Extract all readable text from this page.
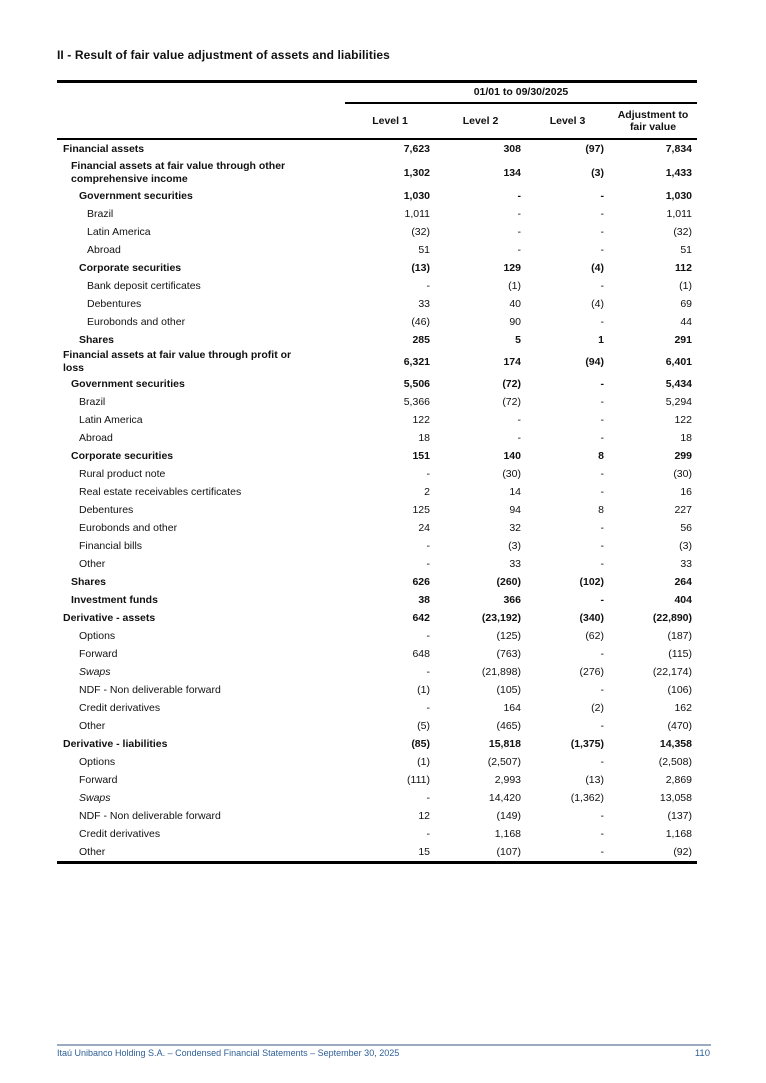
II - Result of fair value adjustment of assets and liabilities
01/01 to 09/30/2025
Level 1	Level 2	Level 3	Adjustment to fair value
Financial assets	7,623	308	(97)	7,834
Financial assets at fair value through other comprehensive income	1,302	134	(3)	1,433
Government securities	1,030	-	-	1,030
Brazil	1,011	-	-	1,011
Latin America	(32)	-	-	(32)
Abroad	51	-	-	51
Corporate securities	(13)	129	(4)	112
Bank deposit certificates	-	(1)	-	(1)
Debentures	33	40	(4)	69
Eurobonds and other	(46)	90	-	44
Shares	285	5	1	291
Financial assets at fair value through profit or loss	6,321	174	(94)	6,401
Government securities	5,506	(72)	-	5,434
Brazil	5,366	(72)	-	5,294
Latin America	122	-	-	122
Abroad	18	-	-	18
Corporate securities	151	140	8	299
Rural product note	-	(30)	-	(30)
Real estate receivables certificates	2	14	-	16
Debentures	125	94	8	227
Eurobonds and other	24	32	-	56
Financial bills	-	(3)	-	(3)
Other	-	33	-	33
Shares	626	(260)	(102)	264
Investment funds	38	366	-	404
Derivative - assets	642	(23,192)	(340)	(22,890)
Options	-	(125)	(62)	(187)
Forward	648	(763)	-	(115)
Swaps	-	(21,898)	(276)	(22,174)
NDF - Non deliverable forward	(1)	(105)	-	(106)
Credit derivatives	-	164	(2)	162
Other	(5)	(465)	-	(470)
Derivative - liabilities	(85)	15,818	(1,375)	14,358
Options	(1)	(2,507)	-	(2,508)
Forward	(111)	2,993	(13)	2,869
Swaps	-	14,420	(1,362)	13,058
NDF - Non deliverable forward	12	(149)	-	(137)
Credit derivatives	-	1,168	-	1,168
Other	15	(107)	-	(92)
Itaú Unibanco Holding S.A. – Condensed Financial Statements – September 30, 2025	110
